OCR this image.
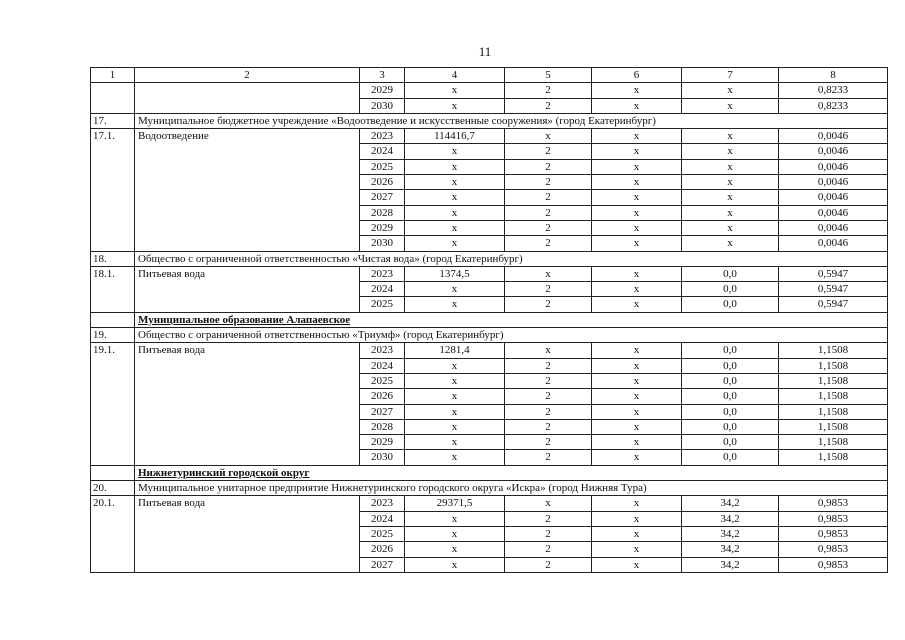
11
1	2	3	4	5	6	7	8
		2029	х	2	х	х	0,8233
		2030	х	2	х	х	0,8233
17.	Муниципальное бюджетное учреждение «Водоотведение и искусственные сооружения» (город Екатеринбург)						
17.1.	Водоотведение	2023	114416,7	х	х	х	0,0046
		2024	х	2	х	х	0,0046
		2025	х	2	х	х	0,0046
		2026	х	2	х	х	0,0046
		2027	х	2	х	х	0,0046
		2028	х	2	х	х	0,0046
		2029	х	2	х	х	0,0046
		2030	х	2	х	х	0,0046
18.	Общество с ограниченной ответственностью «Чистая вода» (город Екатеринбург)						
18.1.	Питьевая вода	2023	1374,5	х	х	0,0	0,5947
		2024	х	2	х	0,0	0,5947
		2025	х	2	х	0,0	0,5947
	Муниципальное образование Алапаевское						
19.	Общество с ограниченной ответственностью «Триумф» (город Екатеринбург)						
19.1.	Питьевая вода	2023	1281,4	х	х	0,0	1,1508
		2024	х	2	х	0,0	1,1508
		2025	х	2	х	0,0	1,1508
		2026	х	2	х	0,0	1,1508
		2027	х	2	х	0,0	1,1508
		2028	х	2	х	0,0	1,1508
		2029	х	2	х	0,0	1,1508
		2030	х	2	х	0,0	1,1508
	Нижнетуринский городской округ						
20.	Муниципальное унитарное предприятие Нижнетуринского городского округа «Искра» (город Нижняя Тура)						
20.1.	Питьевая вода	2023	29371,5	х	х	34,2	0,9853
		2024	х	2	х	34,2	0,9853
		2025	х	2	х	34,2	0,9853
		2026	х	2	х	34,2	0,9853
		2027	х	2	х	34,2	0,9853
